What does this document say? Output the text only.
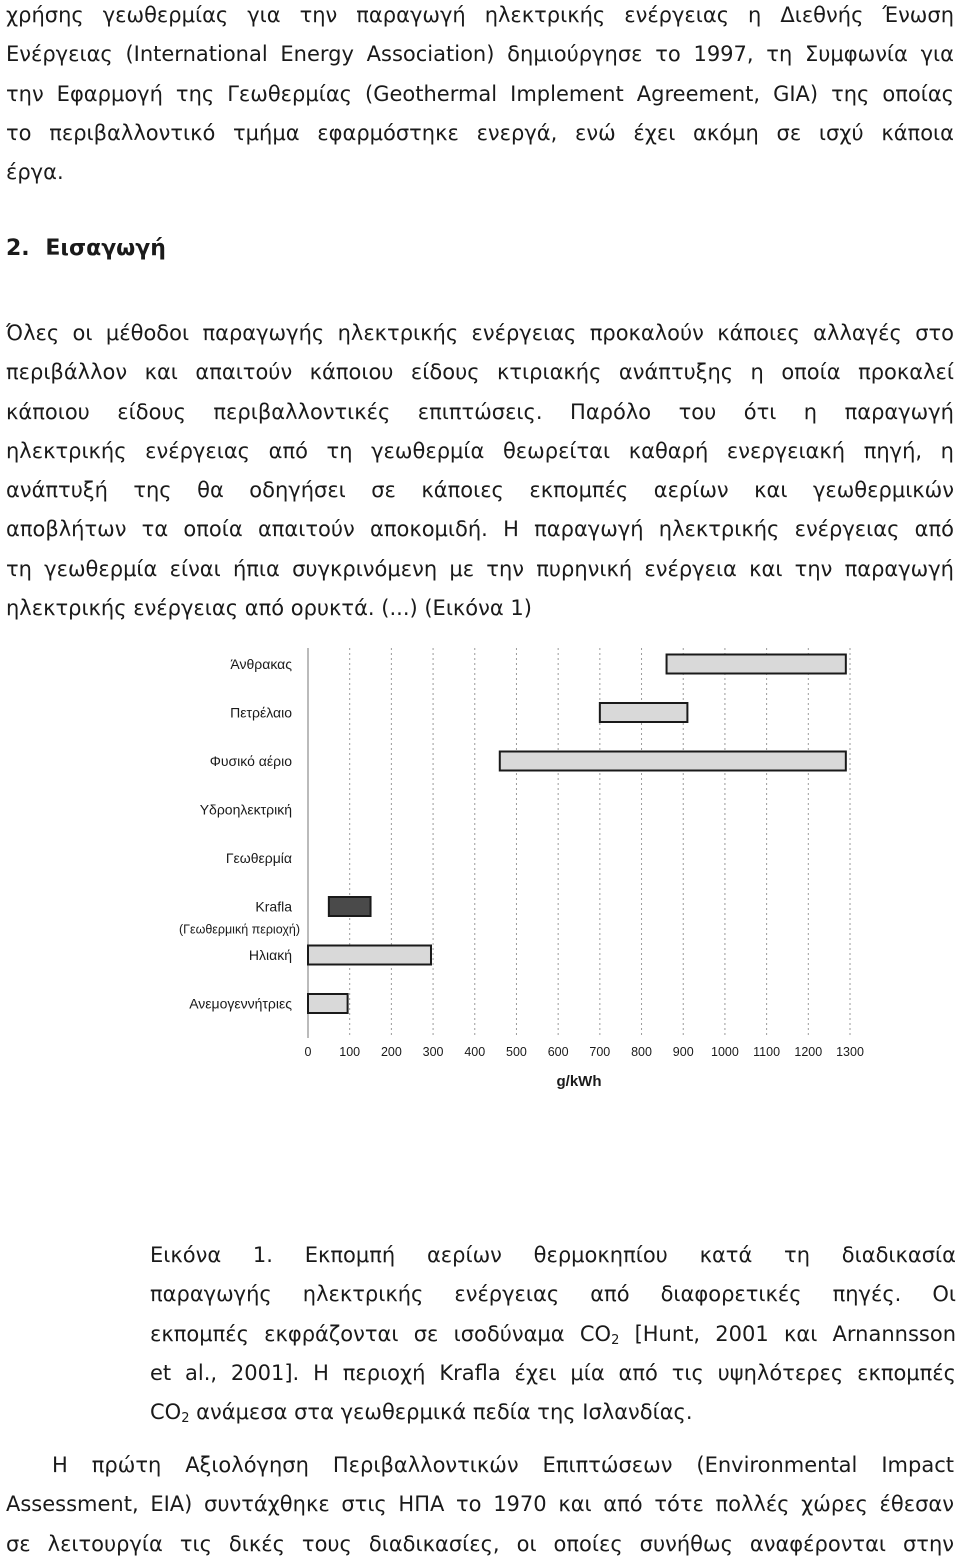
χρήσης γεωθερμίας για την παραγωγή ηλεκτρικής ενέργειας η Διεθνής Ένωση
Ενέργειας (International Energy Association) δημιούργησε το 1997, τη Συμφωνία για
την Εφαρμογή της Γεωθερμίας (Geothermal Implement Agreement, GIA) της οποίας
το περιβαλλοντικό τμήμα εφαρμόστηκε ενεργά, ενώ έχει ακόμη σε ισχύ κάποια
έργα.
2. Εισαγωγή
Όλες οι μέθοδοι παραγωγής ηλεκτρικής ενέργειας προκαλούν κάποιες αλλαγές στο
περιβάλλον και απαιτούν κάποιου είδους κτιριακής ανάπτυξης η οποία προκαλεί
κάποιου είδους περιβαλλοντικές επιπτώσεις. Παρόλο του ότι η παραγωγή
ηλεκτρικής ενέργειας από τη γεωθερμία θεωρείται καθαρή ενεργειακή πηγή, η
ανάπτυξή της θα οδηγήσει σε κάποιες εκπομπές αερίων και γεωθερμικών
αποβλήτων τα οποία απαιτούν αποκομιδή. Η παραγωγή ηλεκτρικής ενέργειας από
τη γεωθερμία είναι ήπια συγκρινόμενη με την πυρηνική ενέργεια και την παραγωγή
ηλεκτρικής ενέργειας από ορυκτά. (...) (Εικόνα 1)
0 100 200 300 400 500 600 700 800 900 1000 1100 1200 1300
g/kWh
Άνθρακας
Πετρέλαιο
Φυσικό αέριο
Υδροηλεκτρική
Γεωθερμία
Krafla
(Γεωθερμική περιοχή)
Ηλιακή
Ανεμογεννήτριες
Εικόνα 1. Εκπομπή αερίων θερμοκηπίου κατά τη διαδικασία
παραγωγής ηλεκτρικής ενέργειας από διαφορετικές πηγές. Οι
εκπομπές εκφράζονται σε ισοδύναμα $CO_2$ [Hunt, 2001 και Arnannsson
et al., 2001]. Η περιοχή Krafla έχει μία από τις υψηλότερες εκπομπές
$CO_2$ ανάμεσα στα γεωθερμικά πεδία της Ισλανδίας.
Η πρώτη Αξιολόγηση Περιβαλλοντικών Επιπτώσεων (Environmental Impact
Assessment, EIA) συντάχθηκε στις ΗΠΑ το 1970 και από τότε πολλές χώρες έθεσαν
σε λειτουργία τις δικές τους διαδικασίες, οι οποίες συνήθως αναφέρονται στην
